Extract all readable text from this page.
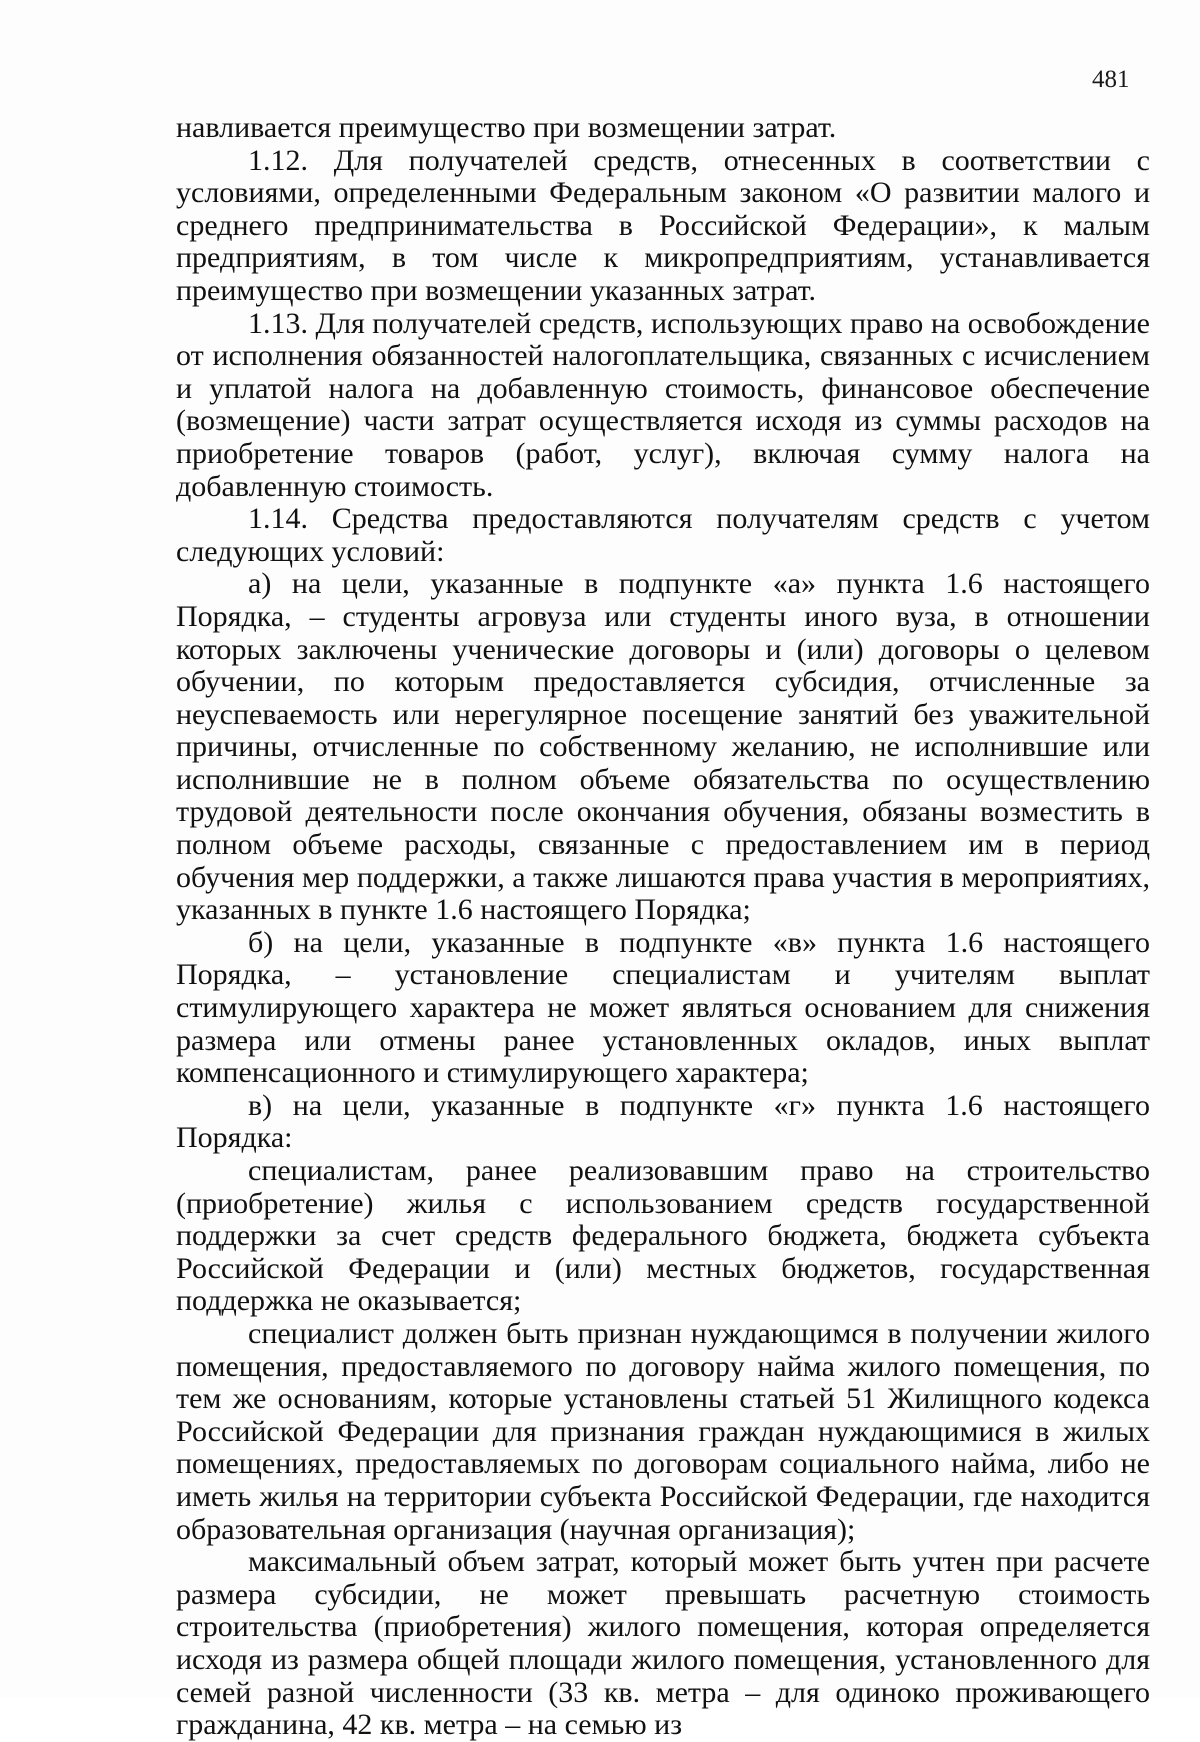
481

навливается преимущество при возмещении затрат.

1.12. Для получателей средств, отнесенных в соответствии с условиями, определенными Федеральным законом «О развитии малого и среднего предпринимательства в Российской Федерации», к малым предприятиям, в том числе к микропредприятиям, устанавливается преимущество при возмещении указанных затрат.

1.13. Для получателей средств, использующих право на освобождение от исполнения обязанностей налогоплательщика, связанных с исчислением и уплатой налога на добавленную стоимость, финансовое обеспечение (возмещение) части затрат осуществляется исходя из суммы расходов на приобретение товаров (работ, услуг), включая сумму налога на добавленную стоимость.

1.14. Средства предоставляются получателям средств с учетом следующих условий:

а) на цели, указанные в подпункте «а» пункта 1.6 настоящего Порядка, – студенты агровуза или студенты иного вуза, в отношении которых заключены ученические договоры и (или) договоры о целевом обучении, по которым предоставляется субсидия, отчисленные за неуспеваемость или нерегулярное посещение занятий без уважительной причины, отчисленные по собственному желанию, не исполнившие или исполнившие не в полном объеме обязательства по осуществлению трудовой деятельности после окончания обучения, обязаны возместить в полном объеме расходы, связанные с предоставлением им в период обучения мер поддержки, а также лишаются права участия в мероприятиях, указанных в пункте 1.6 настоящего Порядка;

б) на цели, указанные в подпункте «в» пункта 1.6 настоящего Порядка, – установление специалистам и учителям выплат стимулирующего характера не может являться основанием для снижения размера или отмены ранее установленных окладов, иных выплат компенсационного и стимулирующего характера;

в) на цели, указанные в подпункте «г» пункта 1.6 настоящего Порядка:

специалистам, ранее реализовавшим право на строительство (приобретение) жилья с использованием средств государственной поддержки за счет средств федерального бюджета, бюджета субъекта Российской Федерации и (или) местных бюджетов, государственная поддержка не оказывается;

специалист должен быть признан нуждающимся в получении жилого помещения, предоставляемого по договору найма жилого помещения, по тем же основаниям, которые установлены статьей 51 Жилищного кодекса Российской Федерации для признания граждан нуждающимися в жилых помещениях, предоставляемых по договорам социального найма, либо не иметь жилья на территории субъекта Российской Федерации, где находится образовательная организация (научная организация);

максимальный объем затрат, который может быть учтен при расчете размера субсидии, не может превышать расчетную стоимость строительства (приобретения) жилого помещения, которая определяется исходя из размера общей площади жилого помещения, установленного для семей разной численности (33 кв. метра – для одиноко проживающего гражданина, 42 кв. метра – на семью из
